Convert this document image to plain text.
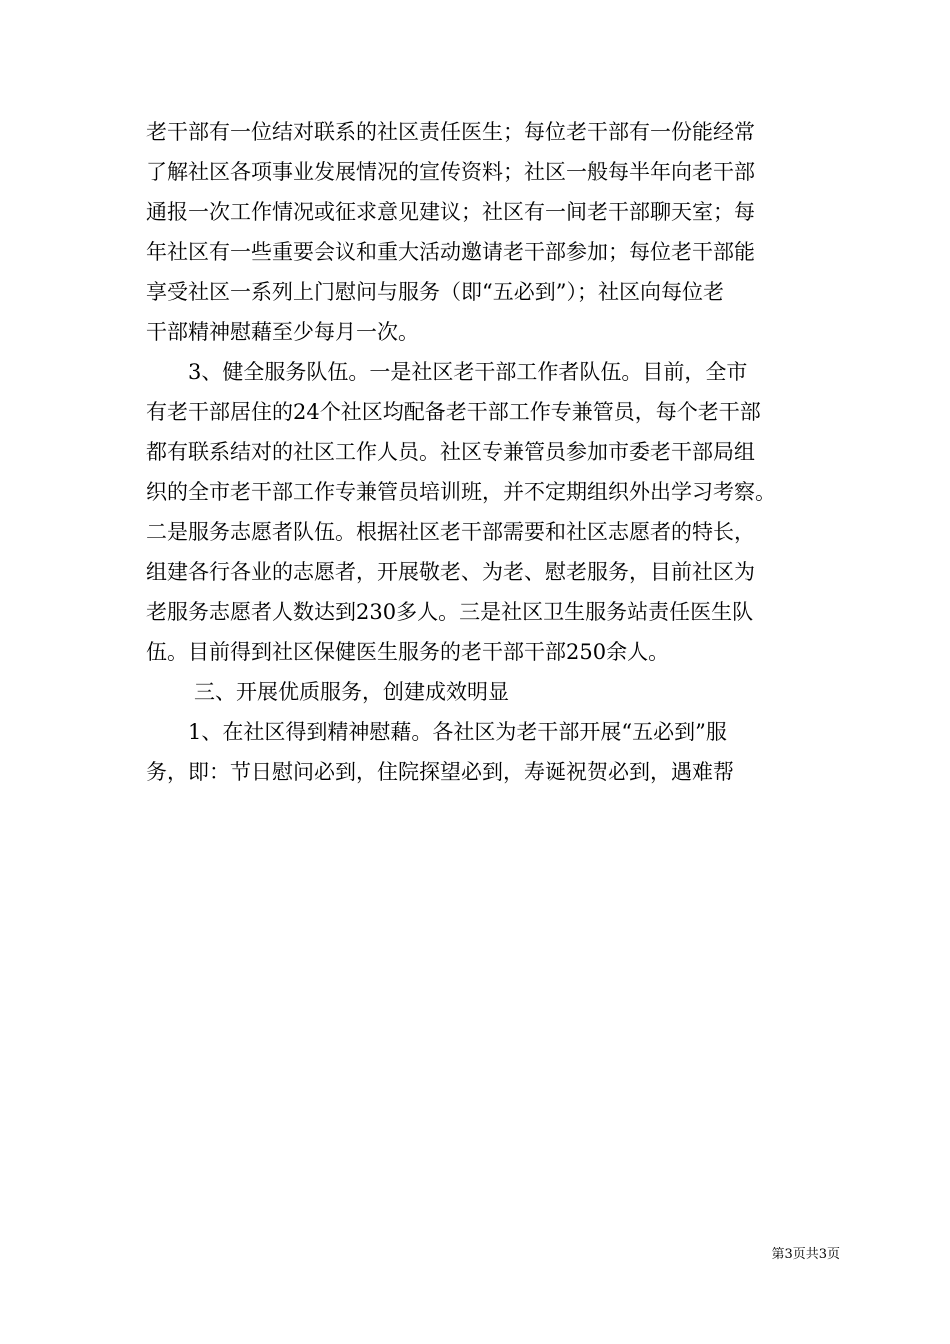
老干部有一位结对联系的社区责任医生；每位老干部有一份能经常
了解社区各项事业发展情况的宣传资料；社区一般每半年向老干部
通报一次工作情况或征求意见建议；社区有一间老干部聊天室；每
年社区有一些重要会议和重大活动邀请老干部参加；每位老干部能
享受社区一系列上门慰问与服务（即“五必到”）；社区向每位老
干部精神慰藉至少每月一次。
3、健全服务队伍。一是社区老干部工作者队伍。目前，全市
有老干部居住的24个社区均配备老干部工作专兼管员，每个老干部
都有联系结对的社区工作人员。社区专兼管员参加市委老干部局组
织的全市老干部工作专兼管员培训班，并不定期组织外出学习考察。
二是服务志愿者队伍。根据社区老干部需要和社区志愿者的特长，
组建各行各业的志愿者，开展敬老、为老、慰老服务，目前社区为
老服务志愿者人数达到230多人。三是社区卫生服务站责任医生队
伍。目前得到社区保健医生服务的老干部干部250余人。
三、开展优质服务，创建成效明显
1、在社区得到精神慰藉。各社区为老干部开展“五必到”服
务，即：节日慰问必到，住院探望必到，寿诞祝贺必到，遇难帮
第3页共3页
